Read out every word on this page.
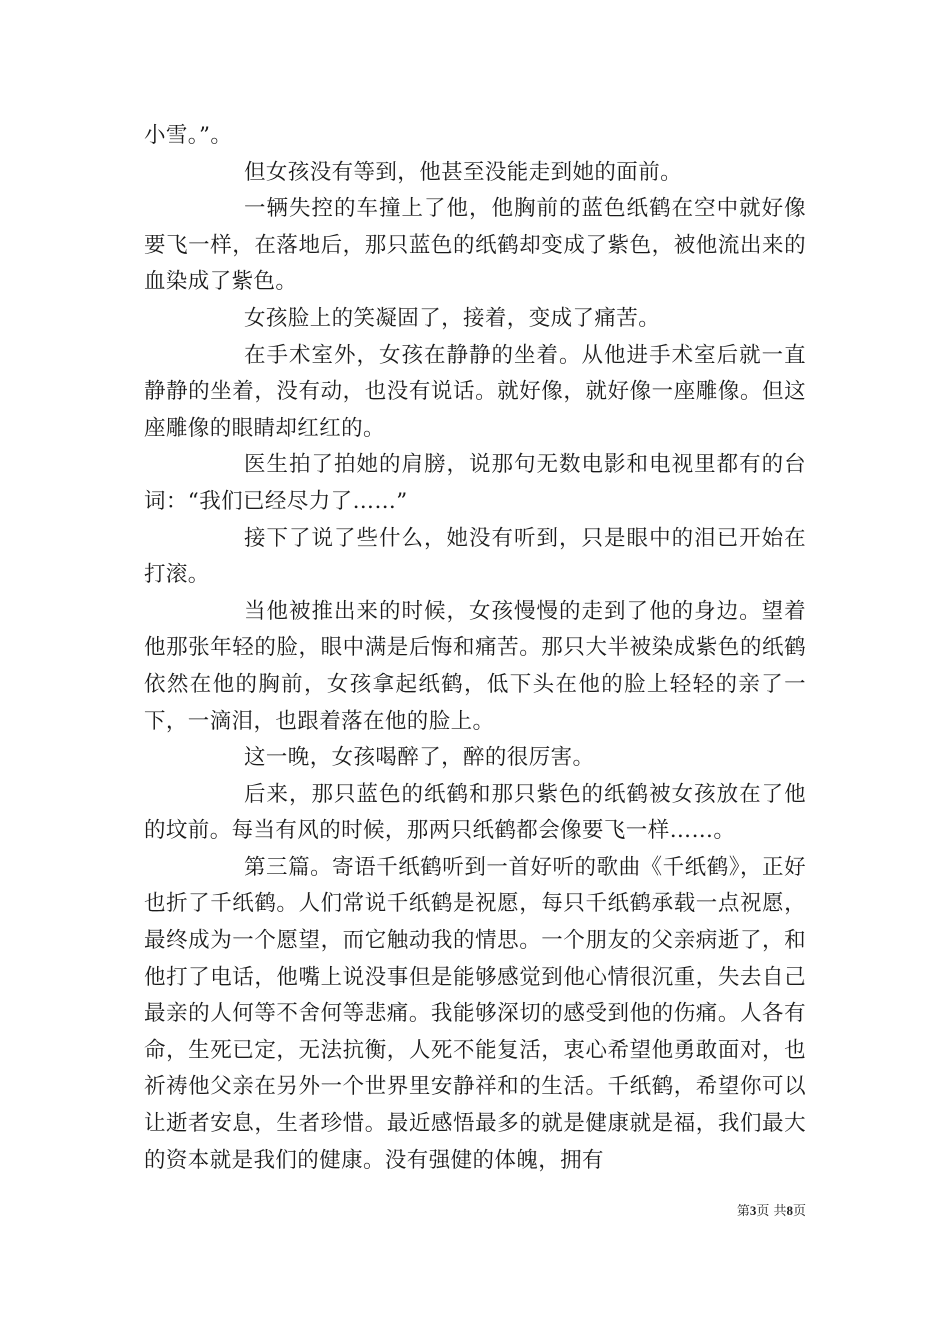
小雪。”。

但女孩没有等到，他甚至没能走到她的面前。

一辆失控的车撞上了他，他胸前的蓝色纸鹤在空中就好像要飞一样，在落地后，那只蓝色的纸鹤却变成了紫色，被他流出来的血染成了紫色。

女孩脸上的笑凝固了，接着，变成了痛苦。

在手术室外，女孩在静静的坐着。从他进手术室后就一直静静的坐着，没有动，也没有说话。就好像，就好像一座雕像。但这座雕像的眼睛却红红的。

医生拍了拍她的肩膀，说那句无数电影和电视里都有的台词：“我们已经尽力了……”

接下了说了些什么，她没有听到，只是眼中的泪已开始在打滚。

当他被推出来的时候，女孩慢慢的走到了他的身边。望着他那张年轻的脸，眼中满是后悔和痛苦。那只大半被染成紫色的纸鹤依然在他的胸前，女孩拿起纸鹤，低下头在他的脸上轻轻的亲了一下，一滴泪，也跟着落在他的脸上。

这一晚，女孩喝醉了，醉的很厉害。

后来，那只蓝色的纸鹤和那只紫色的纸鹤被女孩放在了他的坟前。每当有风的时候，那两只纸鹤都会像要飞一样……。

第三篇。寄语千纸鹤听到一首好听的歌曲《千纸鹤》，正好也折了千纸鹤。人们常说千纸鹤是祝愿，每只千纸鹤承载一点祝愿，最终成为一个愿望，而它触动我的情思。一个朋友的父亲病逝了，和他打了电话，他嘴上说没事但是能够感觉到他心情很沉重，失去自己最亲的人何等不舍何等悲痛。我能够深切的感受到他的伤痛。人各有命，生死已定，无法抗衡，人死不能复活，衷心希望他勇敢面对，也祈祷他父亲在另外一个世界里安静祥和的生活。千纸鹤，希望你可以让逝者安息，生者珍惜。最近感悟最多的就是健康就是福，我们最大的资本就是我们的健康。没有强健的体魄，拥有

第3页 共8页
